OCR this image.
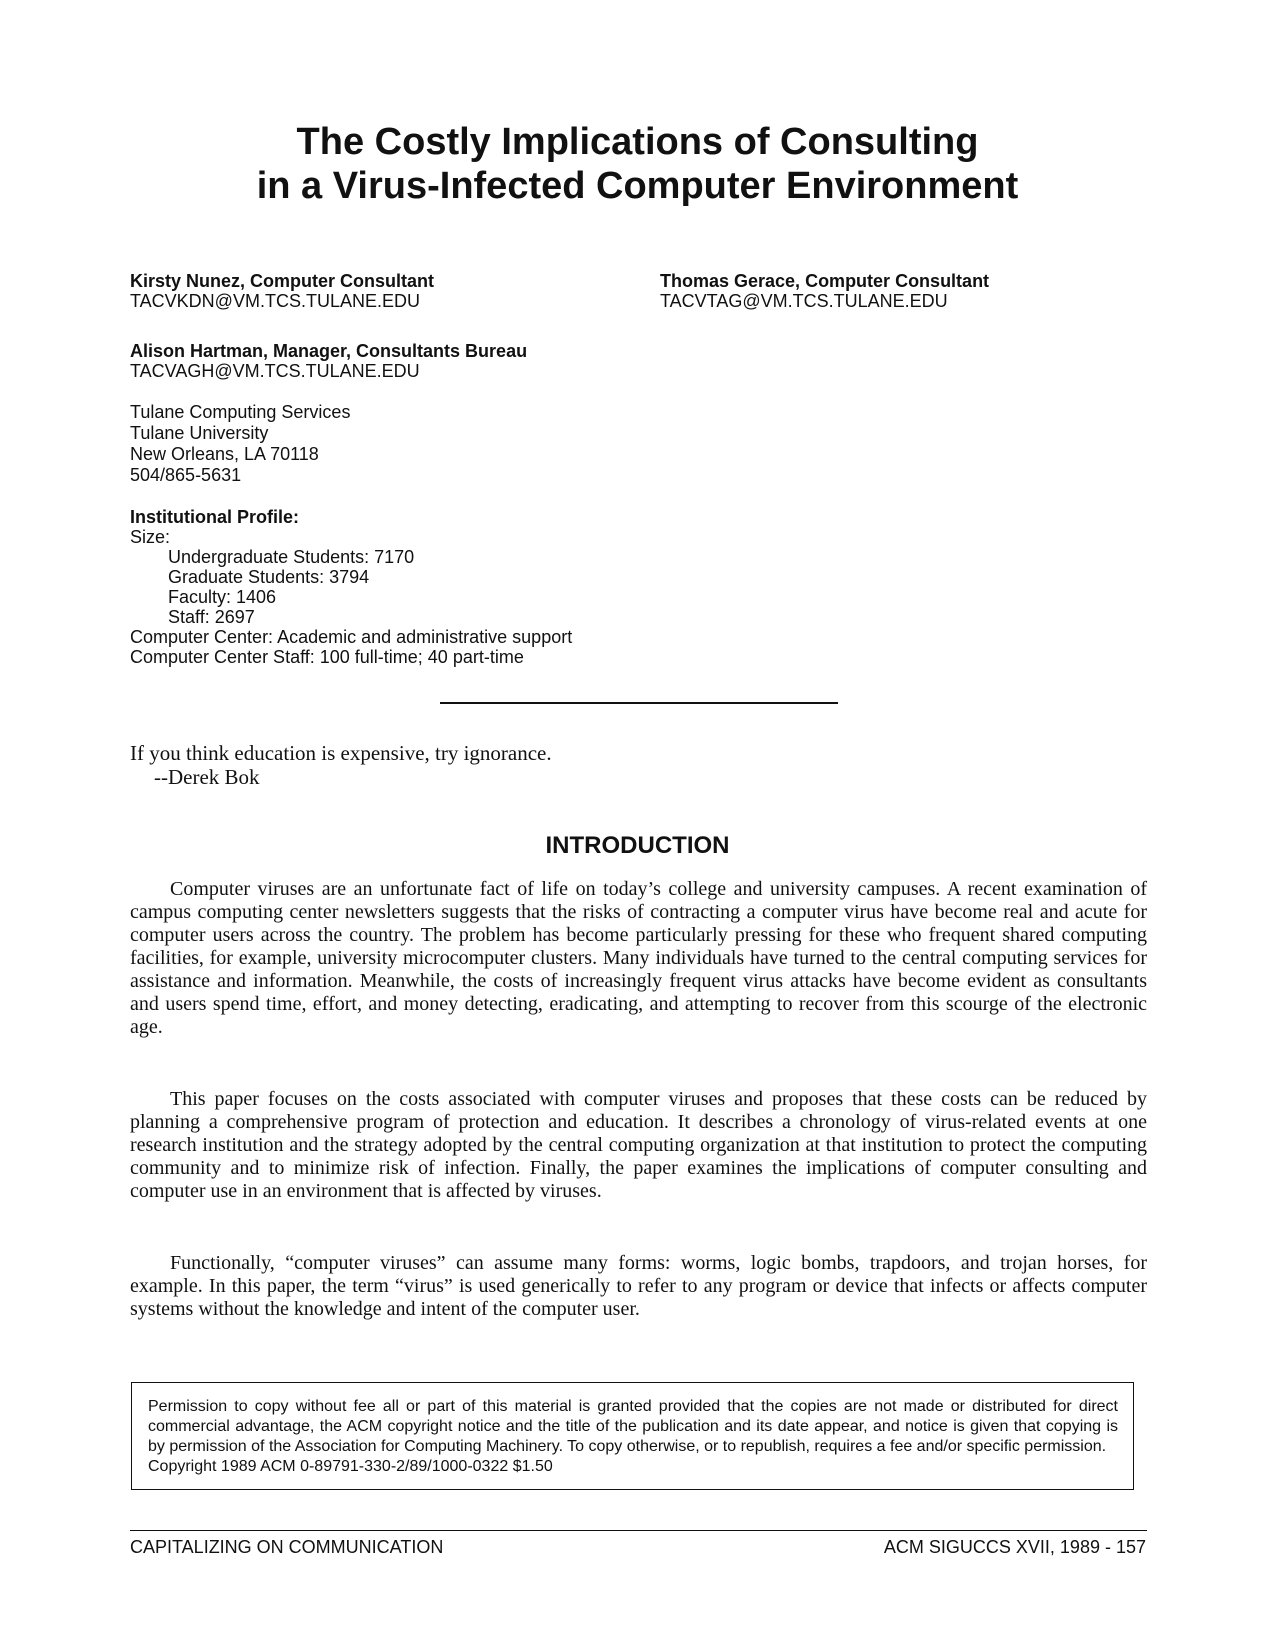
The Costly Implications of Consulting
in a Virus-Infected Computer Environment
Kirsty Nunez, Computer Consultant
TACVKDN@VM.TCS.TULANE.EDU
Thomas Gerace, Computer Consultant
TACVTAG@VM.TCS.TULANE.EDU
Alison Hartman, Manager, Consultants Bureau
TACVAGH@VM.TCS.TULANE.EDU
Tulane Computing Services
Tulane University
New Orleans, LA 70118
504/865-5631
Institutional Profile:
Size:
Undergraduate Students: 7170
Graduate Students: 3794
Faculty: 1406
Staff: 2697
Computer Center: Academic and administrative support
Computer Center Staff: 100 full-time; 40 part-time
If you think education is expensive, try ignorance.
--Derek Bok
INTRODUCTION

Computer viruses are an unfortunate fact of life on today’s college and university campuses. A recent examination of campus computing center newsletters suggests that the risks of contracting a computer virus have become real and acute for computer users across the country. The problem has become particularly pressing for these who frequent shared computing facilities, for example, university microcomputer clusters. Many individuals have turned to the central computing services for assistance and information. Meanwhile, the costs of increasingly frequent virus attacks have become evident as consultants and users spend time, effort, and money detecting, eradicating, and attempting to recover from this scourge of the electronic age.

This paper focuses on the costs associated with computer viruses and proposes that these costs can be reduced by planning a comprehensive program of protection and education. It describes a chronology of virus-related events at one research institution and the strategy adopted by the central computing organization at that institution to protect the computing community and to minimize risk of infection. Finally, the paper examines the implications of computer consulting and computer use in an environment that is affected by viruses.

Functionally, “computer viruses” can assume many forms: worms, logic bombs, trapdoors, and trojan horses, for example. In this paper, the term “virus” is used generically to refer to any program or device that infects or affects computer systems without the knowledge and intent of the computer user.

Permission to copy without fee all or part of this material is granted provided that the copies are not made or distributed for direct commercial advantage, the ACM copyright notice and the title of the publication and its date appear, and notice is given that copying is by permission of the Association for Computing Machinery. To copy otherwise, or to republish, requires a fee and/or specific permission.

Copyright 1989 ACM 0-89791-330-2/89/1000-0322 $1.50

CAPITALIZING ON COMMUNICATION	ACM SIGUCCS XVII, 1989 - 157
